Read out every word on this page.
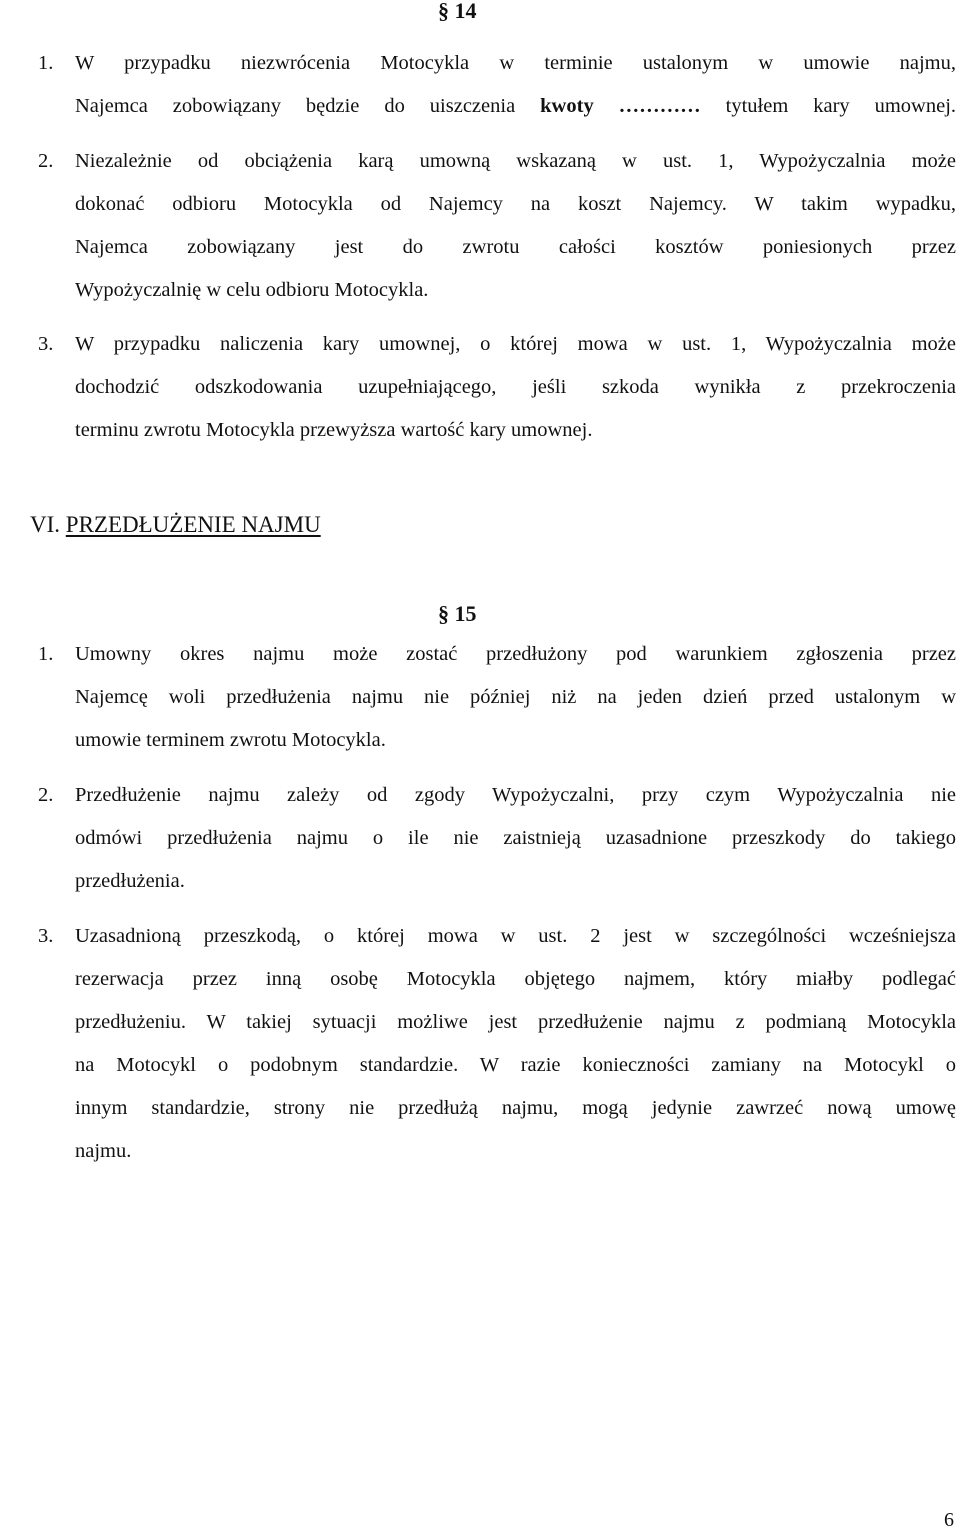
§ 14
1. W przypadku niezwrócenia Motocykla w terminie ustalonym w umowie najmu,
Najemca zobowiązany będzie do uiszczenia kwoty ………… tytułem kary umownej.
2. Niezależnie od obciążenia karą umowną wskazaną w ust. 1, Wypożyczalnia może
dokonać odbioru Motocykla od Najemcy na koszt Najemcy. W takim wypadku,
Najemca zobowiązany jest do zwrotu całości kosztów poniesionych przez
Wypożyczalnię w celu odbioru Motocykla.
3. W przypadku naliczenia kary umownej, o której mowa w ust. 1, Wypożyczalnia może
dochodzić odszkodowania uzupełniającego, jeśli szkoda wynikła z przekroczenia
terminu zwrotu Motocykla przewyższa wartość kary umownej.
VI. PRZEDŁUŻENIE NAJMU
§ 15
1. Umowny okres najmu może zostać przedłużony pod warunkiem zgłoszenia przez
Najemcę woli przedłużenia najmu nie później niż na jeden dzień przed ustalonym w
umowie terminem zwrotu Motocykla.
2. Przedłużenie najmu zależy od zgody Wypożyczalni, przy czym Wypożyczalnia nie
odmówi przedłużenia najmu o ile nie zaistnieją uzasadnione przeszkody do takiego
przedłużenia.
3. Uzasadnioną przeszkodą, o której mowa w ust. 2 jest w szczególności wcześniejsza
rezerwacja przez inną osobę Motocykla objętego najmem, który miałby podlegać
przedłużeniu. W takiej sytuacji możliwe jest przedłużenie najmu z podmianą Motocykla
na Motocykl o podobnym standardzie. W razie konieczności zamiany na Motocykl o
innym standardzie, strony nie przedłużą najmu, mogą jedynie zawrzeć nową umowę
najmu.
6
